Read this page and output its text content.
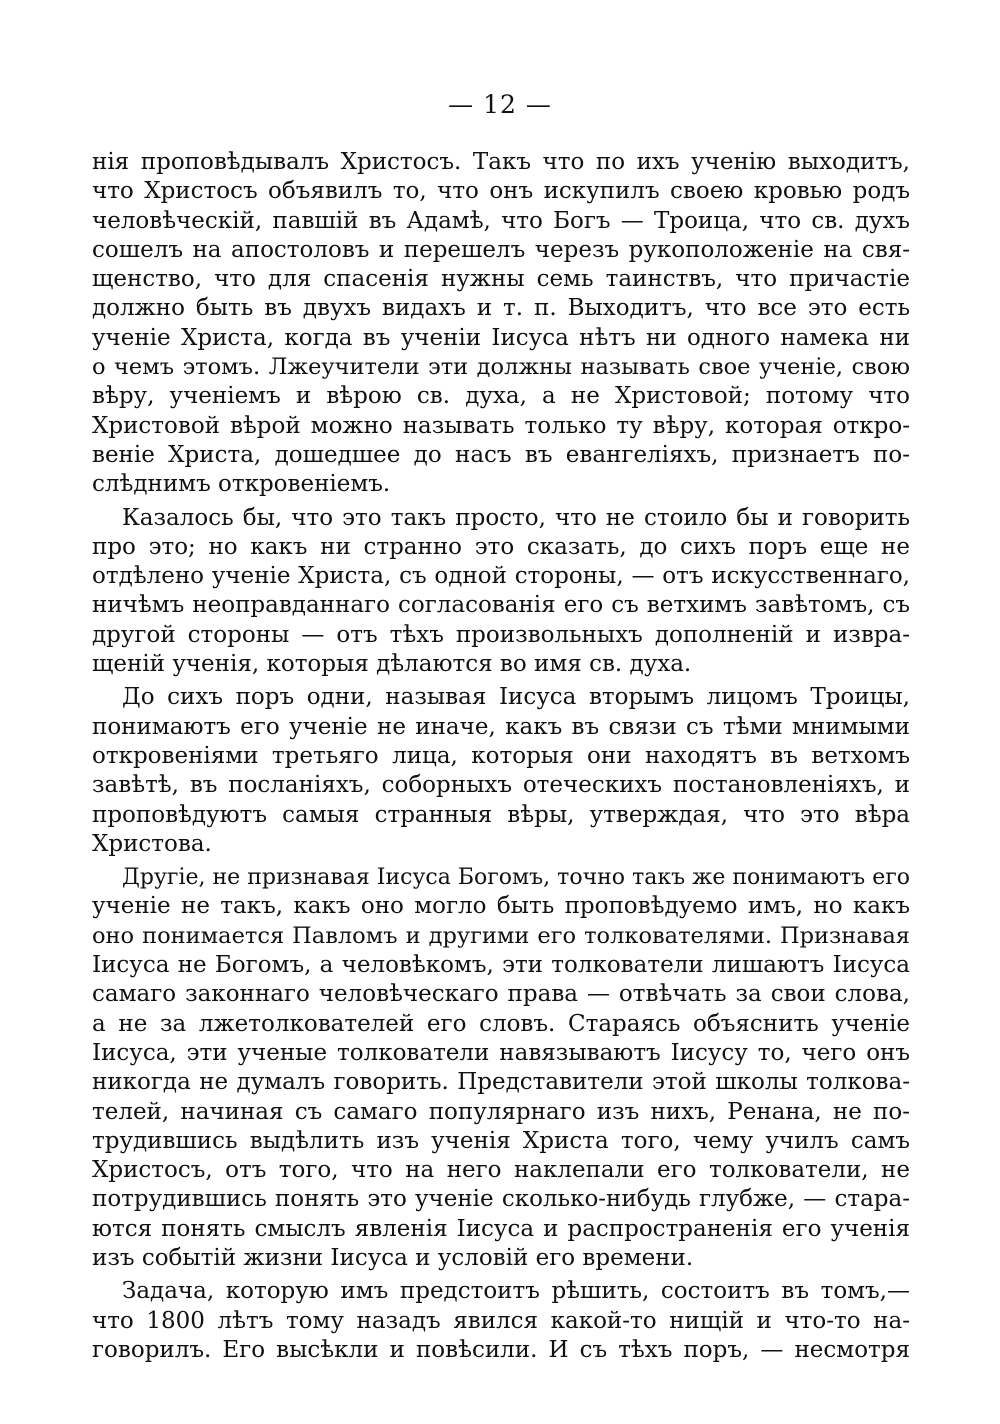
— 12 —
нія проповѣдывалъ Христосъ. Такъ что по ихъ ученію выходитъ,
что Христосъ объявилъ то, что онъ искупилъ своею кровью родъ
человѣческій, павшій въ Адамѣ, что Богъ — Троица, что св. духъ
сошелъ на апостоловъ и перешелъ черезъ рукоположеніе на свя-
щенство, что для спасенія нужны семь таинствъ, что причастіе
должно быть въ двухъ видахъ и т. п. Выходитъ, что все это есть
ученіе Христа, когда въ ученіи Іисуса нѣтъ ни одного намека ни
о чемъ этомъ. Лжеучители эти должны называть свое ученіе, свою
вѣру, ученіемъ и вѣрою св. духа, а не Христовой; потому что
Христовой вѣрой можно называть только ту вѣру, которая откро-
веніе Христа, дошедшее до насъ въ евангеліяхъ, признаетъ по-
слѣднимъ откровеніемъ.
Казалось бы, что это такъ просто, что не стоило бы и говорить
про это; но какъ ни странно это сказать, до сихъ поръ еще не
отдѣлено ученіе Христа, съ одной стороны, — отъ искусственнаго,
ничѣмъ неоправданнаго согласованія его съ ветхимъ завѣтомъ, съ
другой стороны — отъ тѣхъ произвольныхъ дополненій и извра-
щеній ученія, которыя дѣлаются во имя св. духа.
До сихъ поръ одни, называя Іисуса вторымъ лицомъ Троицы,
понимаютъ его ученіе не иначе, какъ въ связи съ тѣми мнимыми
откровеніями третьяго лица, которыя они находятъ въ ветхомъ
завѣтѣ, въ посланіяхъ, соборныхъ отеческихъ постановленіяхъ, и
проповѣдуютъ самыя странныя вѣры, утверждая, что это вѣра
Христова.
Другіе, не признавая Іисуса Богомъ, точно такъ же понимаютъ его
ученіе не такъ, какъ оно могло быть проповѣдуемо имъ, но какъ
оно понимается Павломъ и другими его толкователями. Признавая
Іисуса не Богомъ, а человѣкомъ, эти толкователи лишаютъ Іисуса
самаго законнаго человѣческаго права — отвѣчать за свои слова,
а не за лжетолкователей его словъ. Стараясь объяснить ученіе
Іисуса, эти ученые толкователи навязываютъ Іисусу то, чего онъ
никогда не думалъ говорить. Представители этой школы толкова-
телей, начиная съ самаго популярнаго изъ нихъ, Ренана, не по-
трудившись выдѣлить изъ ученія Христа того, чему училъ самъ
Христосъ, отъ того, что на него наклепали его толкователи, не
потрудившись понять это ученіе сколько-нибудь глубже, — стара-
ются понять смыслъ явленія Іисуса и распространенія его ученія
изъ событій жизни Іисуса и условій его времени.
Задача, которую имъ предстоитъ рѣшить, состоитъ въ томъ,—
что 1800 лѣтъ тому назадъ явился какой-то нищій и что-то на-
говорилъ. Его высѣкли и повѣсили. И съ тѣхъ поръ, — несмотря
